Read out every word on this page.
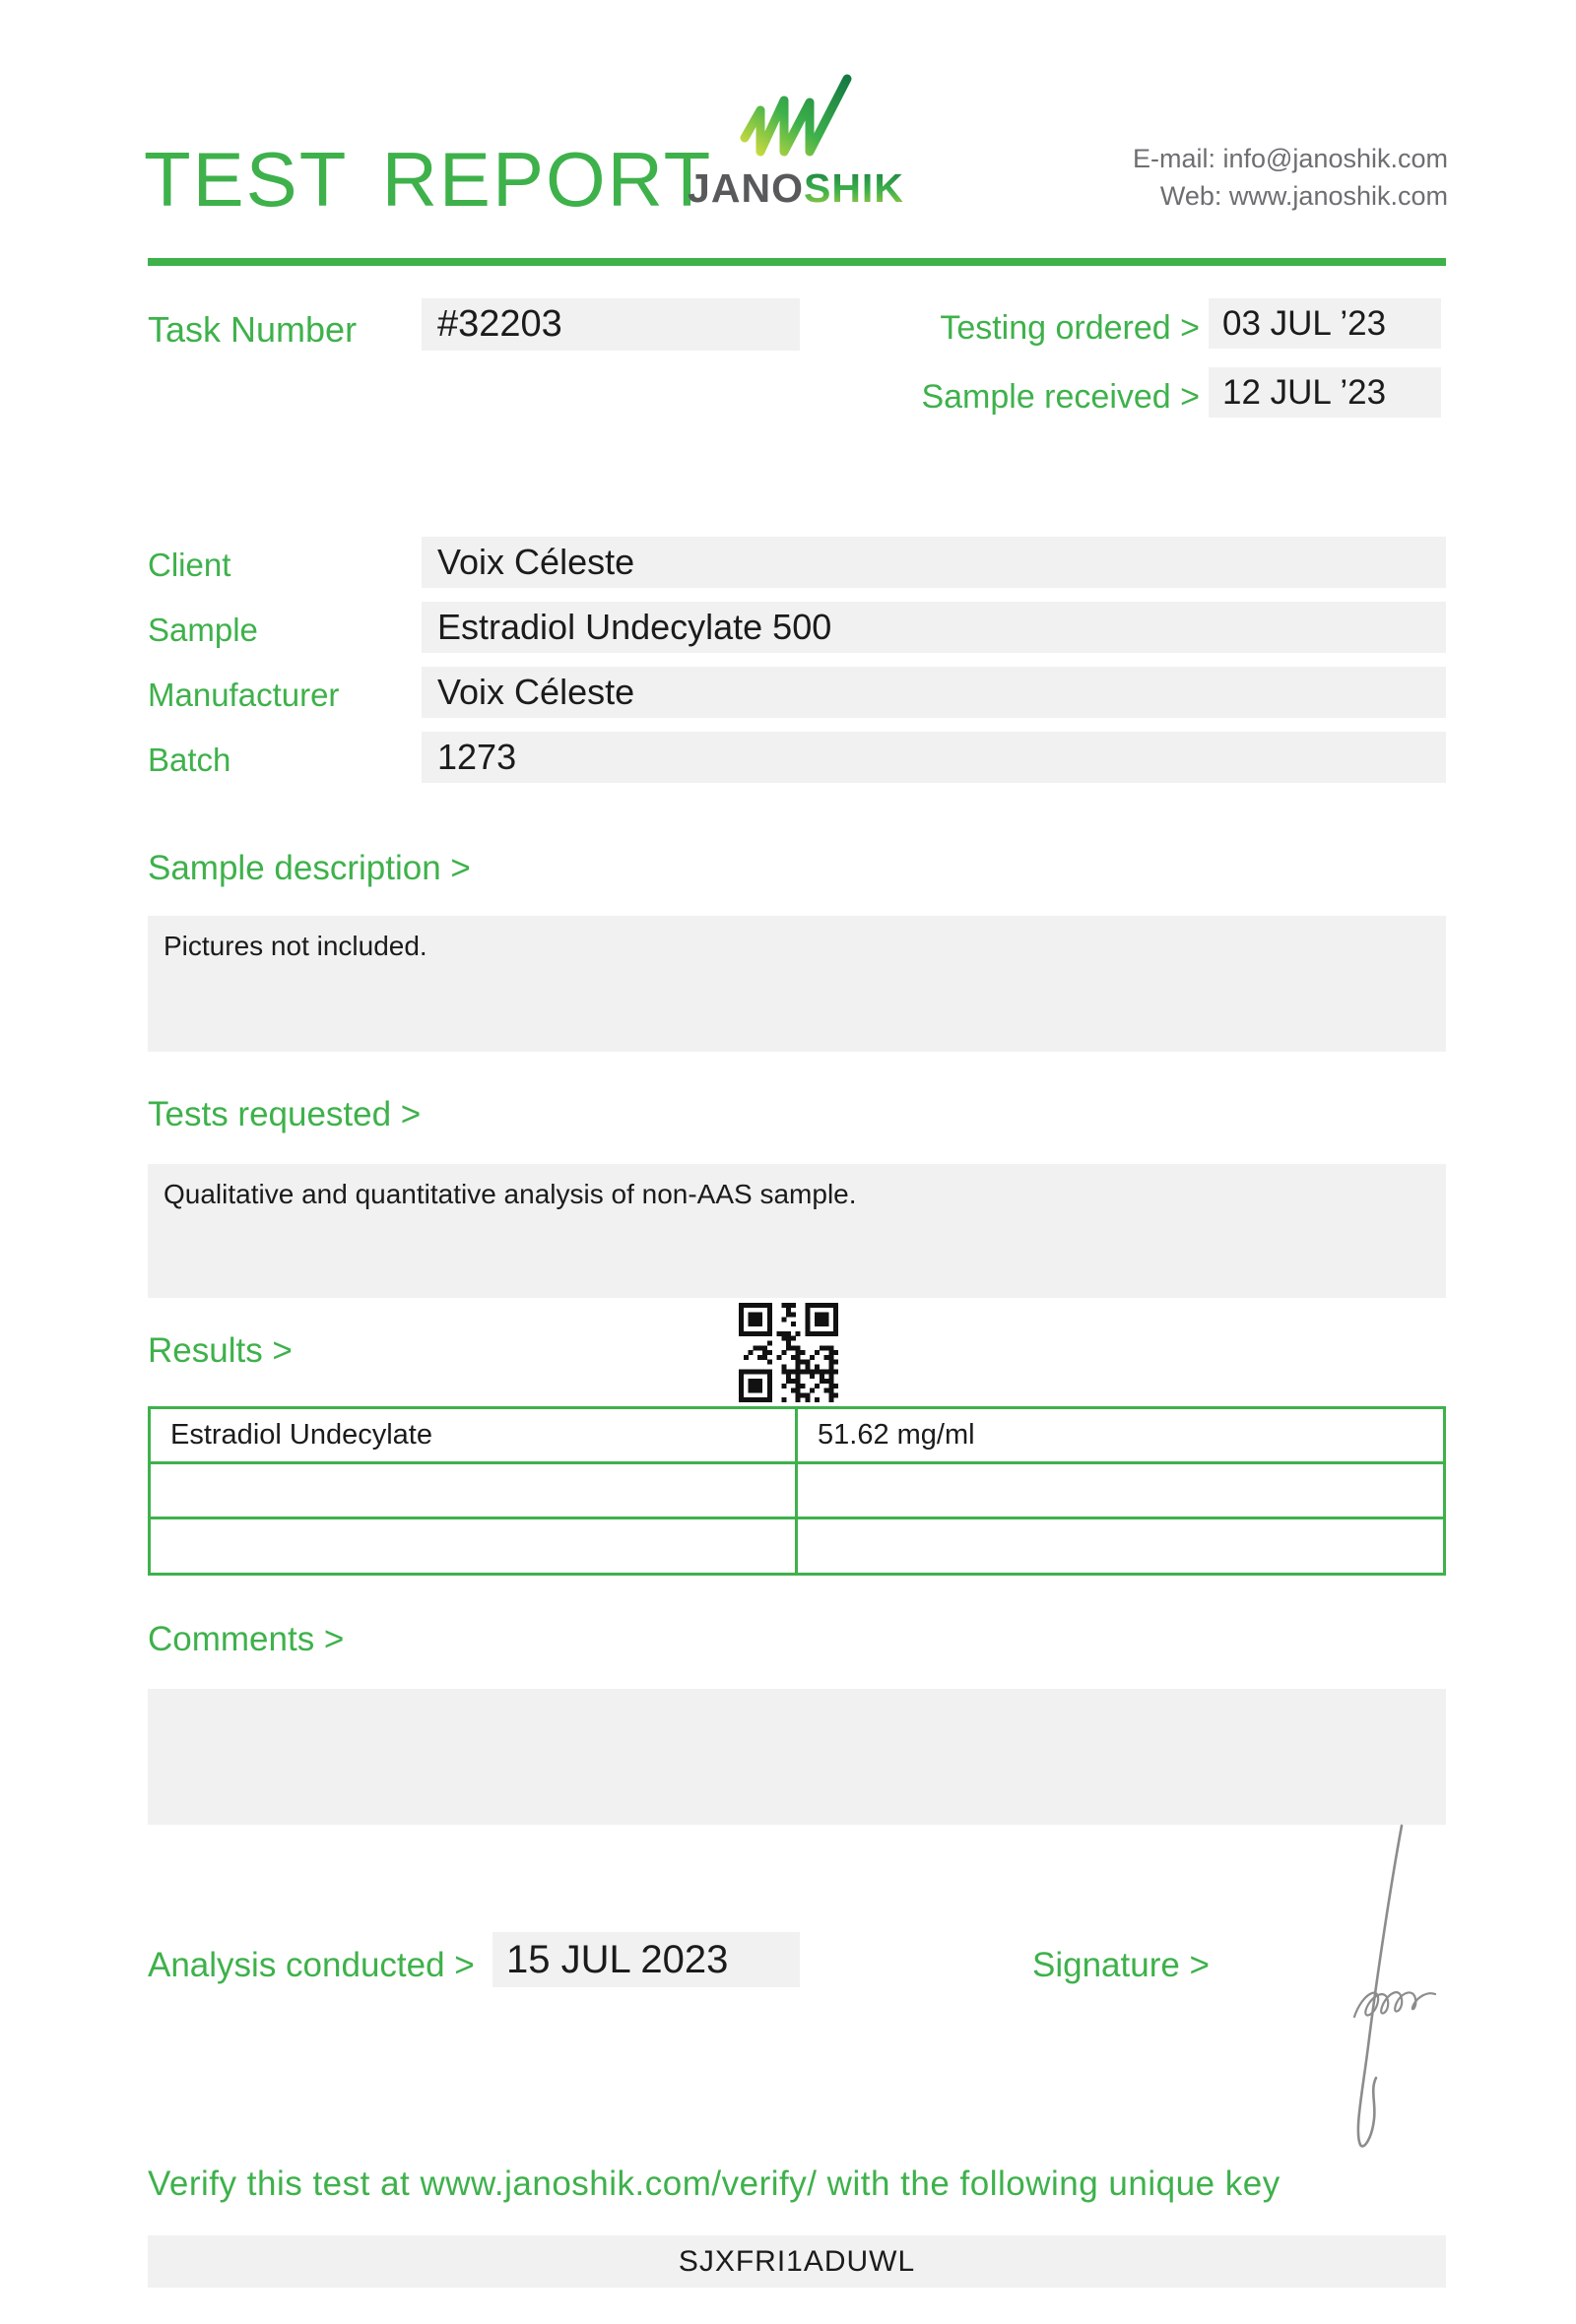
TEST REPORT
JANOSHIK
E-mail: info@janoshik.com
Web: www.janoshik.com
Task Number	#32203	Testing ordered > 03 JUL ’23
Sample received > 12 JUL ’23
Client	Voix Céleste
Sample	Estradiol Undecylate 500
Manufacturer	Voix Céleste
Batch	1273
Sample description >
Pictures not included.
Tests requested >
Qualitative and quantitative analysis of non-AAS sample.
Results >
Estradiol Undecylate	51.62 mg/ml
Comments >
Analysis conducted > 15 JUL 2023	Signature >
Verify this test at www.janoshik.com/verify/ with the following unique key
SJXFRI1ADUWL
